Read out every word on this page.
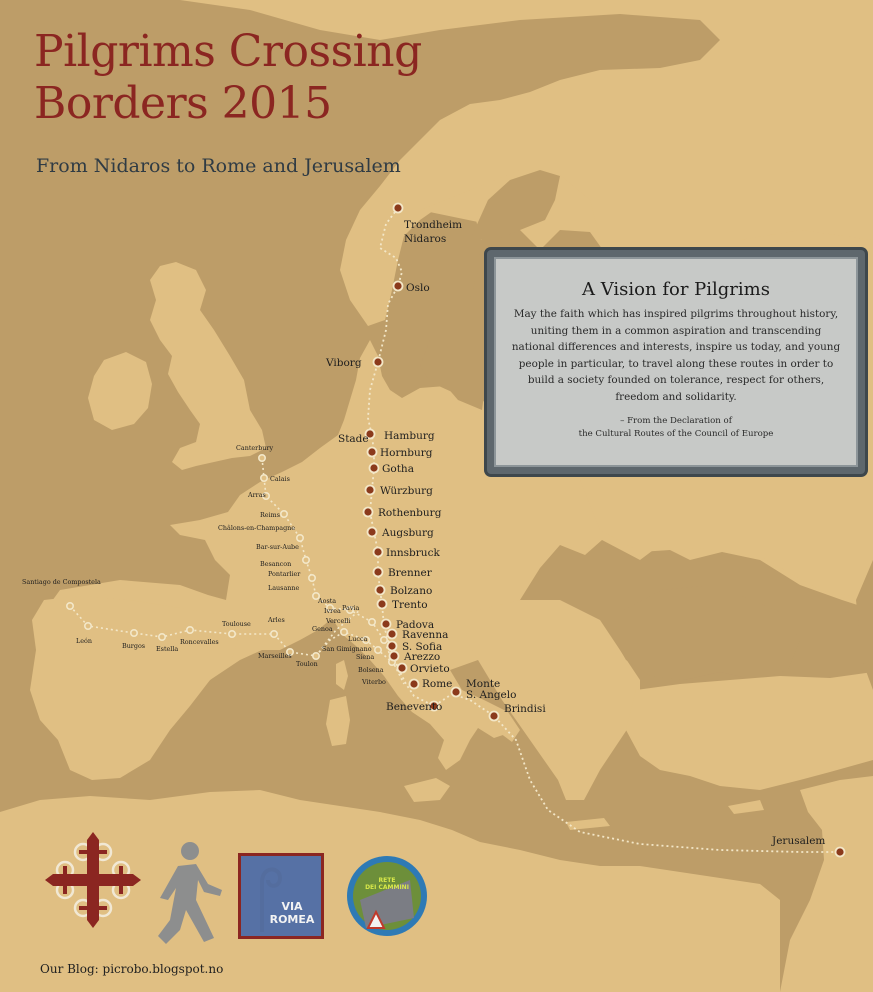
Trondheim
Nidaros
Oslo
Viborg
Stade Hamburg
Hornburg
Gotha
Würzburg
Rothenburg
Augsburg
Innsbruck
Brenner
Bolzano
Trento
Padova
Ravenna
S. Sofia
Arezzo
Orvieto
Rome Monte
S. Angelo
Benevento	Brindisi
Jerusalem
Canterbury
Calais
Arras
Reims
Châlons-en-Champagne
Bar-sur-Aube
Besancon
Pontarlier
Lausanne
Aosta
Ivrea Pavia
Vercelli
Genoa
Lucca
San Gimignano
Siena
Bolsena
Viterbo
Santiago de Compostela
León
Burgos Estella
Roncevalles
Toulouse	Arles
Marseilles
Toulon
Pilgrims Crossing
Borders 2015
From Nidaros to Rome and Jerusalem
A Vision for Pilgrims

May the faith which has inspired pilgrims throughout history, uniting them in a common aspiration and transcending national differences and interests, inspire us today, and young people in particular, to travel along these routes in order to build a society founded on tolerance, respect for others, freedom and solidarity.

– From the Declaration of
the Cultural Routes of the Council of Europe

VIA
ROMEA
RETE
DEI CAMMINI
Our Blog: picrobo.blogspot.no
